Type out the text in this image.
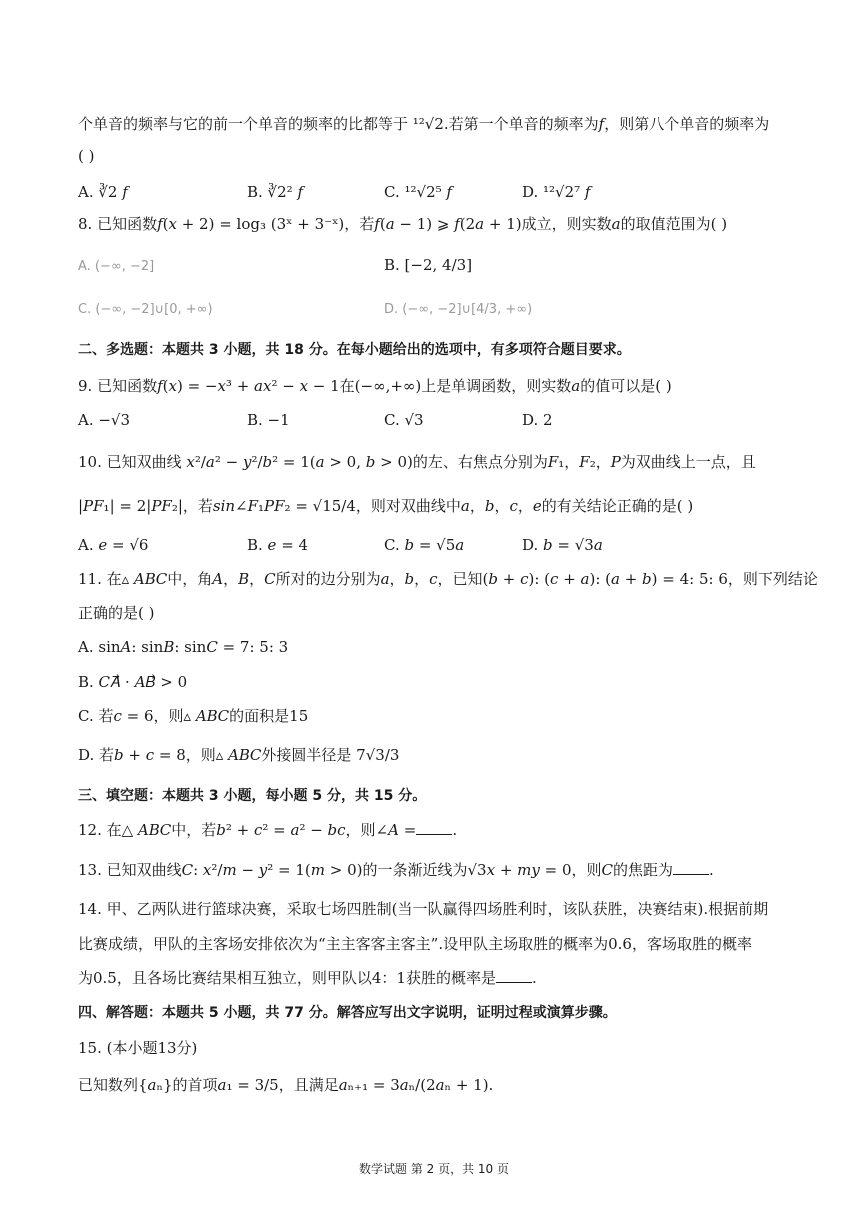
个单音的频率与它的前一个单音的频率的比都等于 ¹²√2.若第一个单音的频率为𝑓，则第八个单音的频率为
( )
A. ∛2 𝑓	B. ∛2² 𝑓	C. ¹²√2⁵ 𝑓	D. ¹²√2⁷ 𝑓
8. 已知函数𝑓(𝑥 + 2) = log₃ (3ˣ + 3⁻ˣ)，若𝑓(𝑎 − 1) ⩾ 𝑓(2𝑎 + 1)成立，则实数𝑎的取值范围为( )
A. (−∞, −2]	B. [−2, 4/3]
C. (−∞, −2]∪[0, +∞)	D. (−∞, −2]∪[4/3, +∞)
二、多选题：本题共 3 小题，共 18 分。在每小题给出的选项中，有多项符合题目要求。
9. 已知函数𝑓(𝑥) = −𝑥³ + 𝑎𝑥² − 𝑥 − 1在(−∞,+∞)上是单调函数，则实数𝑎的值可以是( )
A. −√3	B. −1	C. √3	D. 2
10. 已知双曲线 𝑥²/𝑎² − 𝑦²/𝑏² = 1(𝑎 > 0, 𝑏 > 0)的左、右焦点分别为𝐹₁，𝐹₂，𝑃为双曲线上一点，且
|𝑃𝐹₁| = 2|𝑃𝐹₂|，若𝑠𝑖𝑛∠𝐹₁𝑃𝐹₂ = √15/4，则对双曲线中𝑎，𝑏，𝑐，𝑒的有关结论正确的是( )
A. 𝑒 = √6	B. 𝑒 = 4	C. 𝑏 = √5𝑎	D. 𝑏 = √3𝑎
11. 在▵ 𝐴𝐵𝐶中，角𝐴，𝐵，𝐶所对的边分别为𝑎，𝑏，𝑐，已知(𝑏 + 𝑐): (𝑐 + 𝑎): (𝑎 + 𝑏) = 4: 5: 6，则下列结论
正确的是( )
A. sin𝐴: sin𝐵: sin𝐶 = 7: 5: 3
B. 𝐶𝐴⃗ ⋅ 𝐴𝐵⃗ > 0
C. 若𝑐 = 6，则▵ 𝐴𝐵𝐶的面积是15
D. 若𝑏 + 𝑐 = 8，则▵ 𝐴𝐵𝐶外接圆半径是 7√3/3
三、填空题：本题共 3 小题，每小题 5 分，共 15 分。
12. 在△ 𝐴𝐵𝐶中，若𝑏² + 𝑐² = 𝑎² − 𝑏𝑐，则∠𝐴 = .
13. 已知双曲线𝐶: 𝑥²/𝑚 − 𝑦² = 1(𝑚 > 0)的一条渐近线为√3𝑥 + 𝑚𝑦 = 0，则𝐶的焦距为 .
14. 甲、乙两队进行篮球决赛，采取七场四胜制(当一队赢得四场胜利时，该队获胜，决赛结束).根据前期
比赛成绩，甲队的主客场安排依次为“主主客客主客主”.设甲队主场取胜的概率为0.6，客场取胜的概率
为0.5，且各场比赛结果相互独立，则甲队以4：1获胜的概率是 .
四、解答题：本题共 5 小题，共 77 分。解答应写出文字说明，证明过程或演算步骤。
15. (本小题13分)
已知数列{𝑎ₙ}的首项𝑎₁ = 3/5，且满足𝑎ₙ₊₁ = 3𝑎ₙ/(2𝑎ₙ + 1).
数学试题 第 2 页，共 10 页
